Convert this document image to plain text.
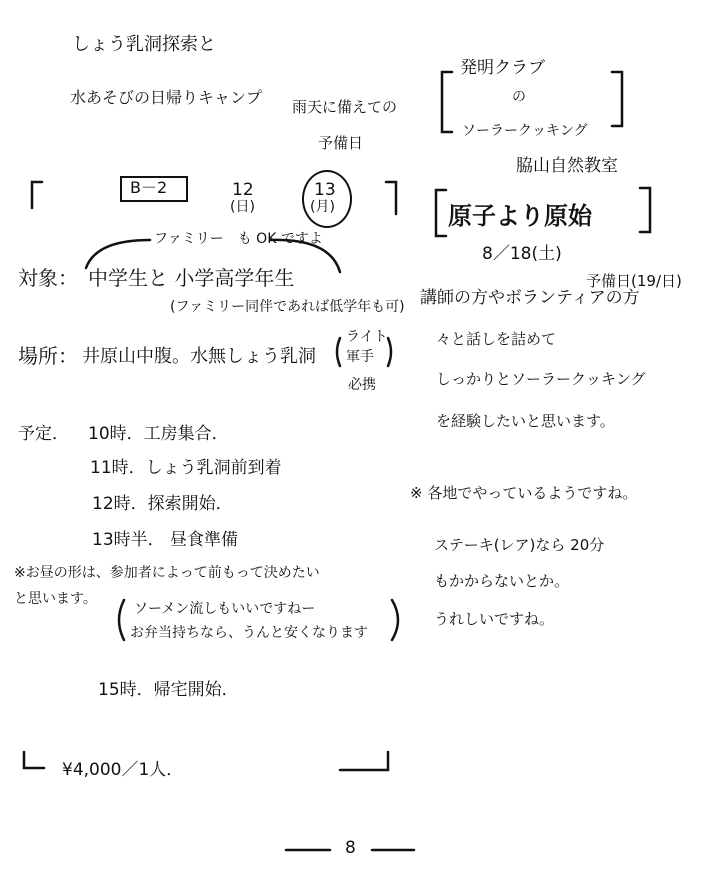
しょう乳洞探索と
水あそびの日帰りキャンプ 雨天に備えての
予備日
発明クラブ
の
ソーラークッキング
脇山自然教室
B－2	12
(日)
13
(月)	原子より原始
8／18(土)
予備日(19/日)
ファミリー　も OK ですよ
対象： 中学生と 小学高学年生
(ファミリー同伴であれば低学年も可)
場所： 井原山中腹。水無しょう乳洞
ライト
軍手
必携
予定． 10時．工房集合．
11時．しょう乳洞前到着
12時．探索開始．
13時半． 昼食準備
※お昼の形は、参加者によって前もって決めたい
と思います。
ソーメン流しもいいですねー
お弁当持ちなら、うんと安くなります
15時．帰宅開始．
¥4,000／1人．
講師の方やボランティアの方
々と話しを詰めて
しっかりとソーラークッキング
を経験したいと思います。
※ 各地でやっているようですね。
ステーキ(レア)なら 20分
もかからないとか。
うれしいですね。
8
